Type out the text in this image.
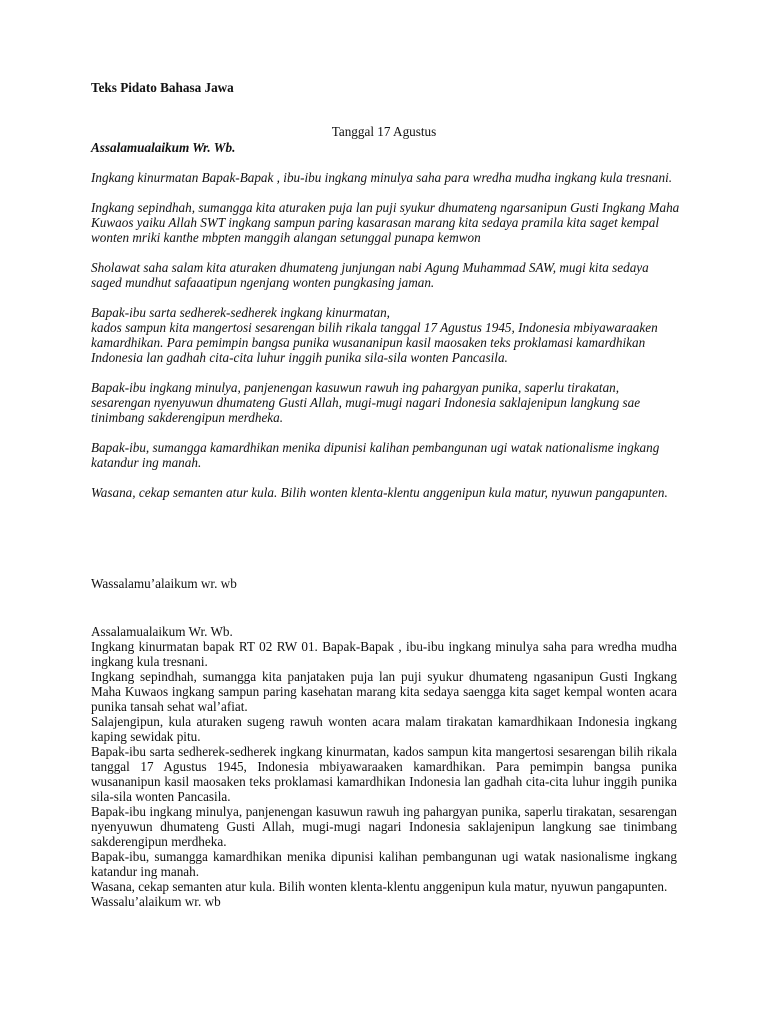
Teks Pidato Bahasa Jawa
Tanggal 17 Agustus

Assalamualaikum Wr. Wb.

Ingkang kinurmatan Bapak-Bapak , ibu-ibu ingkang minulya saha para wredha mudha ingkang kula tresnani.

Ingkang sepindhah, sumangga kita aturaken puja lan puji syukur dhumateng ngarsanipun Gusti Ingkang Maha Kuwaos yaiku Allah SWT ingkang sampun paring kasarasan marang kita sedaya pramila kita saget kempal wonten mriki kanthe mbpten manggih alangan setunggal punapa kemwon

Sholawat saha salam kita aturaken dhumateng junjungan nabi Agung Muhammad SAW, mugi kita sedaya saged mundhut safaaatipun ngenjang wonten pungkasing jaman.

Bapak-ibu sarta sedherek-sedherek ingkang kinurmatan,

kados sampun kita mangertosi sesarengan bilih rikala tanggal 17 Agustus 1945, Indonesia mbiyawaraaken kamardhikan. Para pemimpin bangsa punika wusananipun kasil maosaken teks proklamasi kamardhikan Indonesia lan gadhah cita-cita luhur inggih punika sila-sila wonten Pancasila.

Bapak-ibu ingkang minulya, panjenengan kasuwun rawuh ing pahargyan punika, saperlu tirakatan, sesarengan nyenyuwun dhumateng Gusti Allah, mugi-mugi nagari Indonesia saklajenipun langkung sae tinimbang sakderengipun merdheka.

Bapak-ibu, sumangga kamardhikan menika dipunisi kalihan pembangunan ugi watak nationalisme ingkang katandur ing manah.

Wasana, cekap semanten atur kula. Bilih wonten klenta-klentu anggenipun kula matur, nyuwun pangapunten.

Wassalamu’alaikum wr. wb

Assalamualaikum Wr. Wb.

Ingkang kinurmatan bapak RT 02 RW 01. Bapak-Bapak , ibu-ibu ingkang minulya saha para wredha mudha ingkang kula tresnani.

Ingkang sepindhah, sumangga kita panjataken puja lan puji syukur dhumateng ngasanipun Gusti Ingkang Maha Kuwaos ingkang sampun paring kasehatan marang kita sedaya saengga kita saget kempal wonten acara punika tansah sehat wal’afiat.

Salajengipun, kula aturaken sugeng rawuh wonten acara malam tirakatan kamardhikaan Indonesia ingkang kaping sewidak pitu.

Bapak-ibu sarta sedherek-sedherek ingkang kinurmatan, kados sampun kita mangertosi sesarengan bilih rikala tanggal 17 Agustus 1945, Indonesia mbiyawaraaken kamardhikan. Para pemimpin bangsa punika wusananipun kasil maosaken teks proklamasi kamardhikan Indonesia lan gadhah cita-cita luhur inggih punika sila-sila wonten Pancasila.

Bapak-ibu ingkang minulya, panjenengan kasuwun rawuh ing pahargyan punika, saperlu tirakatan, sesarengan nyenyuwun dhumateng Gusti Allah, mugi-mugi nagari Indonesia saklajenipun langkung sae tinimbang sakderengipun merdheka.

Bapak-ibu, sumangga kamardhikan menika dipunisi kalihan pembangunan ugi watak nasionalisme ingkang katandur ing manah.

Wasana, cekap semanten atur kula. Bilih wonten klenta-klentu anggenipun kula matur, nyuwun pangapunten.

Wassalu’alaikum wr. wb
